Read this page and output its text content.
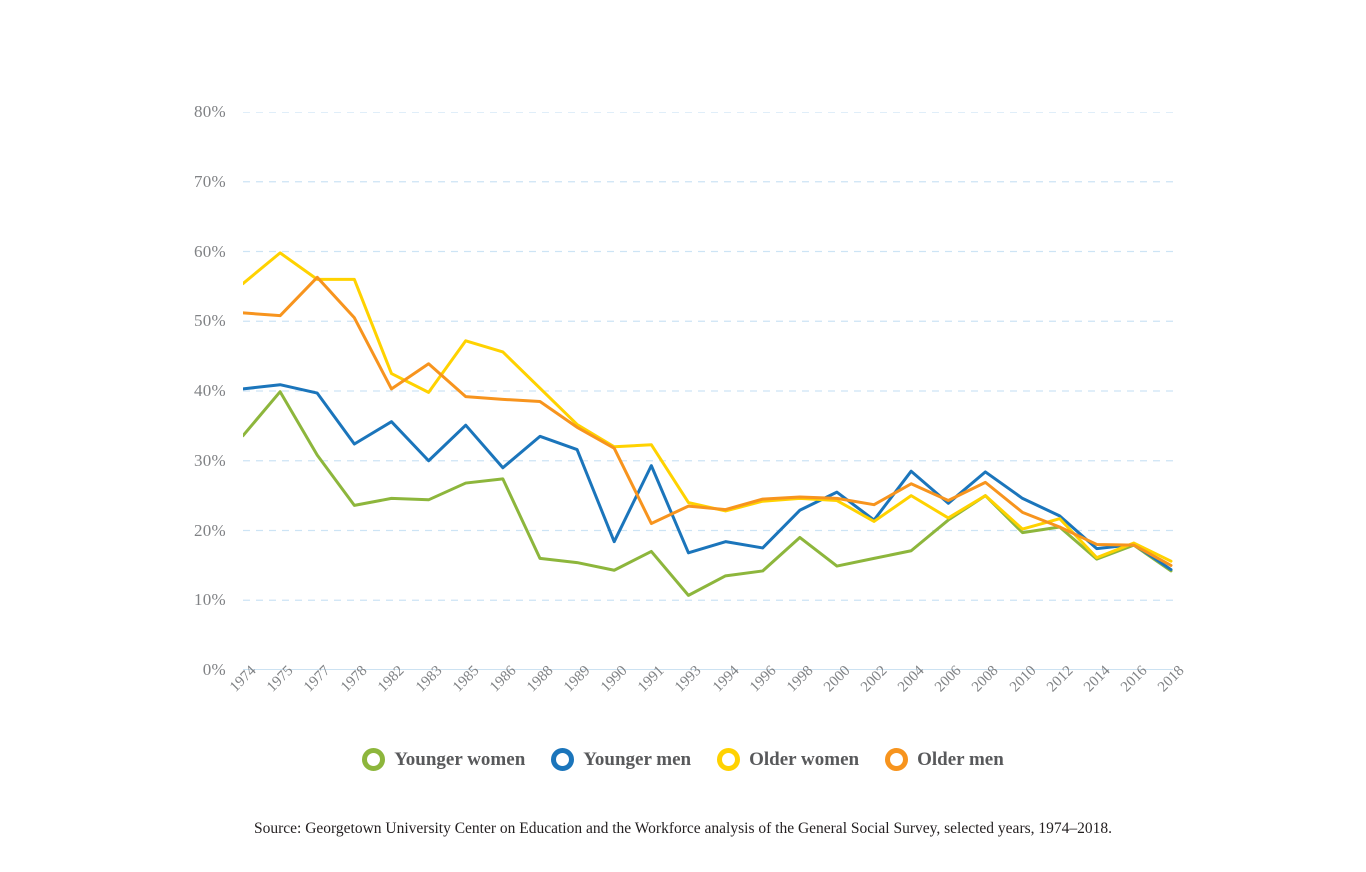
0%
10%
20%
30%
40%
50%
60%
70%
80%
1974 1975 1977 1978 1982 1983 1985 1986 1988 1989 1990 1991 1993 1994 1996 1998 2000 2002 2004 2006 2008 2010 2012 2014 2016 2018
Younger women	Younger men	Older women	Older men
Source: Georgetown University Center on Education and the Workforce analysis of the General Social Survey, selected years, 1974–2018.
